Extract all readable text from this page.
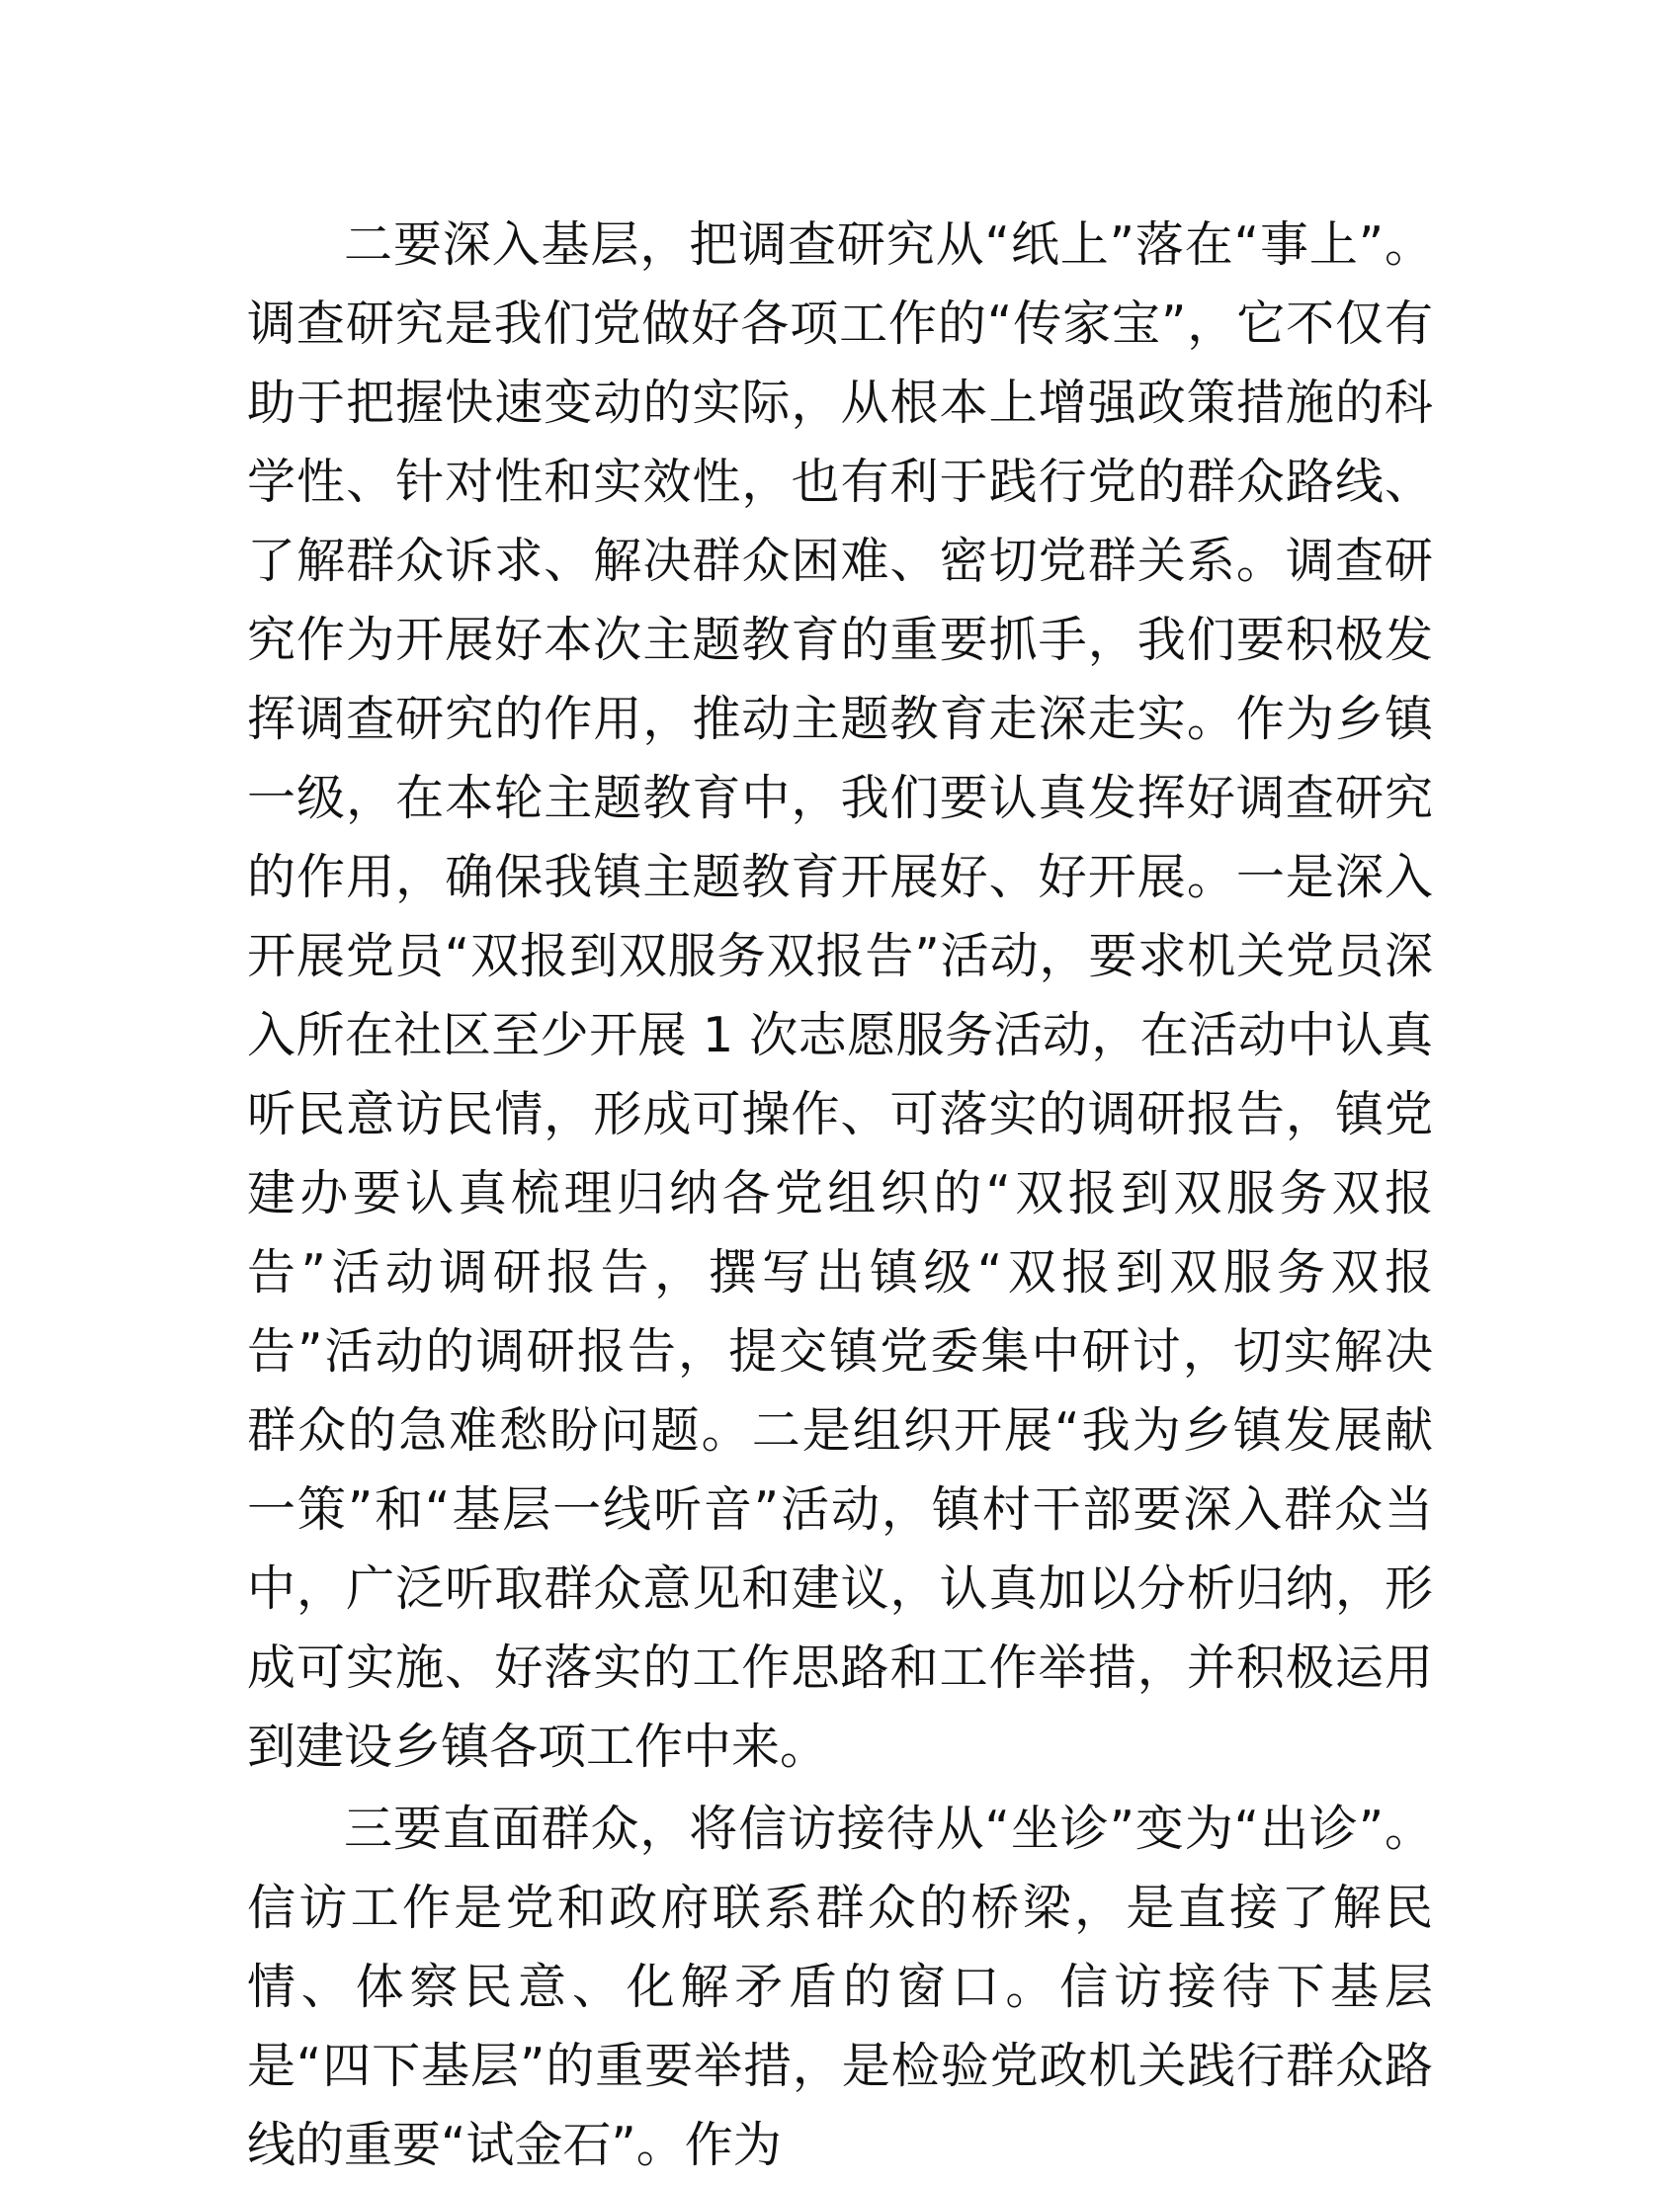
二要深入基层，把调查研究从“纸上”落在“事上”。调查研究是我们党做好各项工作的“传家宝”，它不仅有助于把握快速变动的实际，从根本上增强政策措施的科学性、针对性和实效性，也有利于践行党的群众路线、了解群众诉求、解决群众困难、密切党群关系。调查研究作为开展好本次主题教育的重要抓手，我们要积极发挥调查研究的作用，推动主题教育走深走实。作为乡镇一级，在本轮主题教育中，我们要认真发挥好调查研究的作用，确保我镇主题教育开展好、好开展。一是深入开展党员“双报到双服务双报告”活动，要求机关党员深入所在社区至少开展 1 次志愿服务活动，在活动中认真听民意访民情，形成可操作、可落实的调研报告，镇党建办要认真梳理归纳各党组织的“双报到双服务双报告”活动调研报告，撰写出镇级“双报到双服务双报告”活动的调研报告，提交镇党委集中研讨，切实解决群众的急难愁盼问题。二是组织开展“我为乡镇发展献一策”和“基层一线听音”活动，镇村干部要深入群众当中，广泛听取群众意见和建议，认真加以分析归纳，形成可实施、好落实的工作思路和工作举措，并积极运用到建设乡镇各项工作中来。

三要直面群众，将信访接待从“坐诊”变为“出诊”。信访工作是党和政府联系群众的桥梁，是直接了解民情、体察民意、化解矛盾的窗口。信访接待下基层是“四下基层”的重要举措，是检验党政机关践行群众路线的重要“试金石”。作为
